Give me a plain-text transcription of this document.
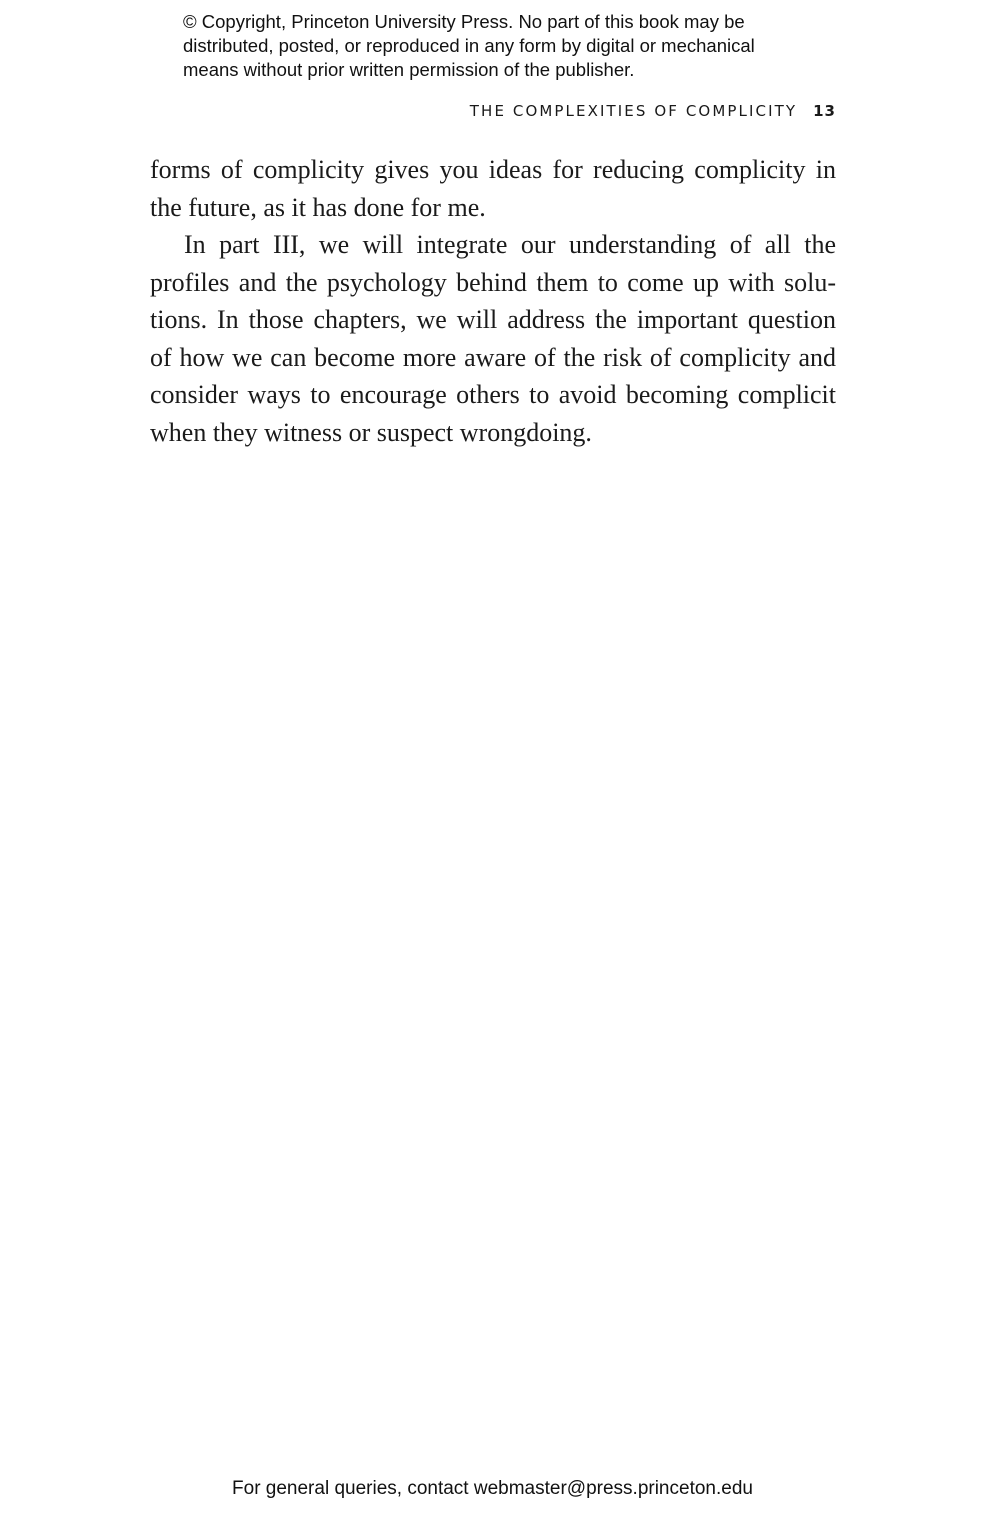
© Copyright, Princeton University Press. No part of this book may be
distributed, posted, or reproduced in any form by digital or mechanical
means without prior written permission of the publisher.
THE COMPLEXITIES OF COMPLICITY 13
forms of complicity gives you ideas for reducing complicity in
the future, as it has done for me.
In part III, we will integrate our understanding of all the
profiles and the psychology behind them to come up with solu-
tions. In those chapters, we will address the important question
of how we can become more aware of the risk of complicity and
consider ways to encourage others to avoid becoming complicit
when they witness or suspect wrongdoing.
For general queries, contact webmaster@press.princeton.edu
